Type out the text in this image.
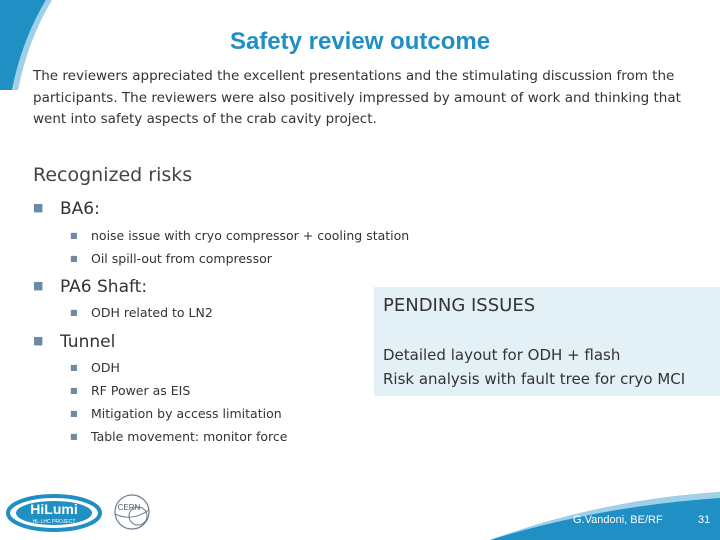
Safety review outcome
The reviewers appreciated the excellent presentations and the stimulating discussion from the participants. The reviewers were also positively impressed by amount of work and thinking that went into safety aspects of the crab cavity project.
Recognized risks
■ BA6:
■ noise issue with cryo compressor + cooling station
■ Oil spill-out from compressor
■ PA6 Shaft:
■ ODH related to LN2
■ Tunnel
■ ODH
■ RF Power as EIS
■ Mitigation by access limitation
■ Table movement: monitor force
PENDING ISSUES
Detailed layout for ODH + flash
Risk analysis with fault tree for cryo MCI
HiLumi
HL-LHC PROJECT
CERN
G.Vandoni, BE/RF	31
